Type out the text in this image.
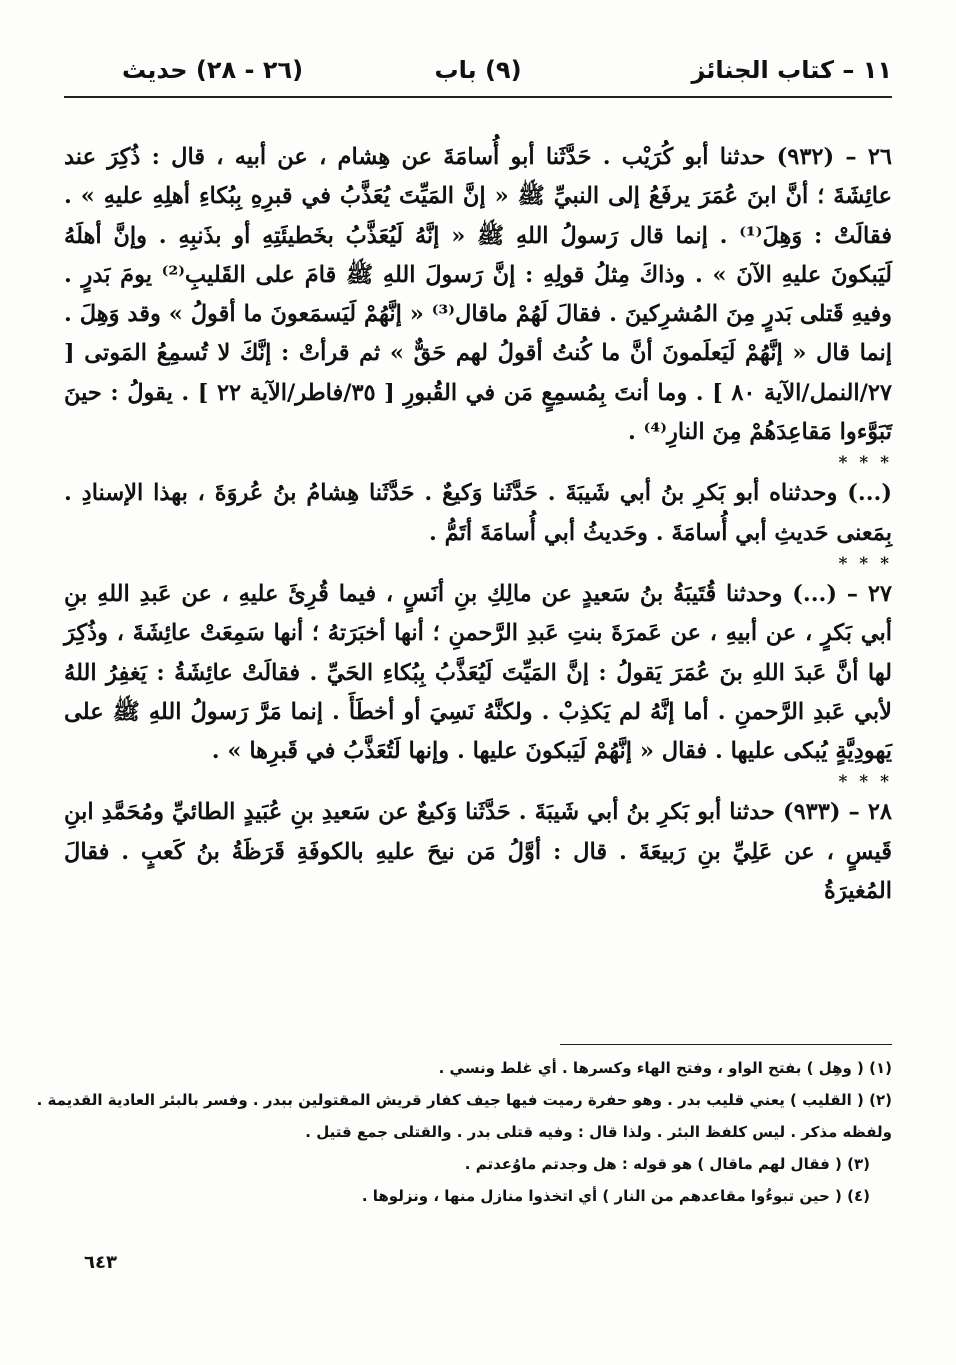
١١ – كتاب الجنائز
(٩) باب
(٢٦ - ٢٨) حديث

٢٦ – (٩٣٢) حدثنا أبو كُرَيْب . حَدَّثَنا أبو أُسامَةَ عن هِشام ، عن أبيه ، قال : ذُكِرَ عند عائِشَةَ ؛ أنَّ ابنَ عُمَرَ يرفَعُ إلى النبيِّ ﷺ « إنَّ المَيِّتَ يُعَذَّبُ في قبرِهِ بِبُكاءِ أهلِهِ عليهِ » . فقالَتْ : وَهِلَ⁽¹⁾ . إنما قال رَسولُ اللهِ ﷺ « إنَّهُ لَيُعَذَّبُ بخَطيئَتِهِ أو بذَنبِهِ . وإنَّ أهلَهُ لَيَبكونَ عليهِ الآنَ » . وذاكَ مِثلُ قولِهِ : إنَّ رَسولَ اللهِ ﷺ قامَ على القَليبِ⁽²⁾ يومَ بَدرٍ . وفيهِ قَتلى بَدرٍ مِنَ المُشرِكينَ . فقالَ لَهُمْ ماقال⁽³⁾ « إنَّهُمْ لَيَسمَعونَ ما أقولُ » وقد وَهِلَ . إنما قال « إنَّهُمْ لَيَعلَمونَ أنَّ ما كُنتُ أقولُ لهم حَقٌّ » ثم قرأتْ : إنَّكَ لا تُسمِعُ المَوتى [ ٢٧/النمل/الآية ٨٠ ] . وما أنتَ بِمُسمِعٍ مَن في القُبورِ [ ٣٥/فاطر/الآية ٢٢ ] . يقولُ : حينَ تَبَوَّءوا مَقاعِدَهُمْ مِنَ النارِ⁽⁴⁾ .

* * *

(...) وحدثناه أبو بَكرِ بنُ أبي شَيبَةَ . حَدَّثَنا وَكيعٌ . حَدَّثَنا هِشامُ بنُ عُروَةَ ، بهذا الإسنادِ . بِمَعنى حَديثِ أبي أُسامَةَ . وحَديثُ أبي أُسامَةَ أتَمُّ .

* * *

٢٧ – (...) وحدثنا قُتَيبَةُ بنُ سَعيدٍ عن مالِكِ بنِ أنَسٍ ، فيما قُرِئَ عليهِ ، عن عَبدِ اللهِ بنِ أبي بَكرٍ ، عن أبيهِ ، عن عَمرَةَ بنتِ عَبدِ الرَّحمنِ ؛ أنها أخبَرَتهُ ؛ أنها سَمِعَتْ عائِشَةَ ، وذُكِرَ لها أنَّ عَبدَ اللهِ بنَ عُمَرَ يَقولُ : إنَّ المَيِّتَ لَيُعَذَّبُ بِبُكاءِ الحَيِّ . فقالَتْ عائِشَةُ : يَغفِرُ اللهُ لأبي عَبدِ الرَّحمنِ . أما إنَّهُ لم يَكذِبْ . ولكنَّهُ نَسِيَ أو أخطَأَ . إنما مَرَّ رَسولُ اللهِ ﷺ على يَهودِيَّةٍ يُبكى عليها . فقال « إنَّهُمْ لَيَبكونَ عليها . وإنها لَتُعَذَّبُ في قَبرِها » .

* * *

٢٨ – (٩٣٣) حدثنا أبو بَكرِ بنُ أبي شَيبَةَ . حَدَّثَنا وَكيعٌ عن سَعيدِ بنِ عُبَيدٍ الطائيِّ ومُحَمَّدِ ابنِ قَيسٍ ، عن عَلِيِّ بنِ رَبيعَةَ . قال : أوَّلُ مَن نيحَ عليهِ بالكوفَةِ قَرَظَةُ بنُ كَعبٍ . فقالَ المُغيرَةُ

(١) ( وهِل ) بفتح الواو ، وفتح الهاء وكسرها . أي غلط ونسي .

(٢) ( القليب ) يعني قليب بدر . وهو حفرة رميت فيها جيف كفار قريش المقتولين ببدر . وفسر بالبئر العادية القديمة .

ولفظه مذكر . ليس كلفظ البئر . ولذا قال : وفيه قتلى بدر . والقتلى جمع قتيل .

(٣) ( فقال لهم ماقال ) هو قوله : هل وجدتم ماوُعدتم .

(٤) ( حين تبوءُوا مقاعدهم من النار ) أي اتخذوا منازل منها ، ونزلوها .

٦٤٣
